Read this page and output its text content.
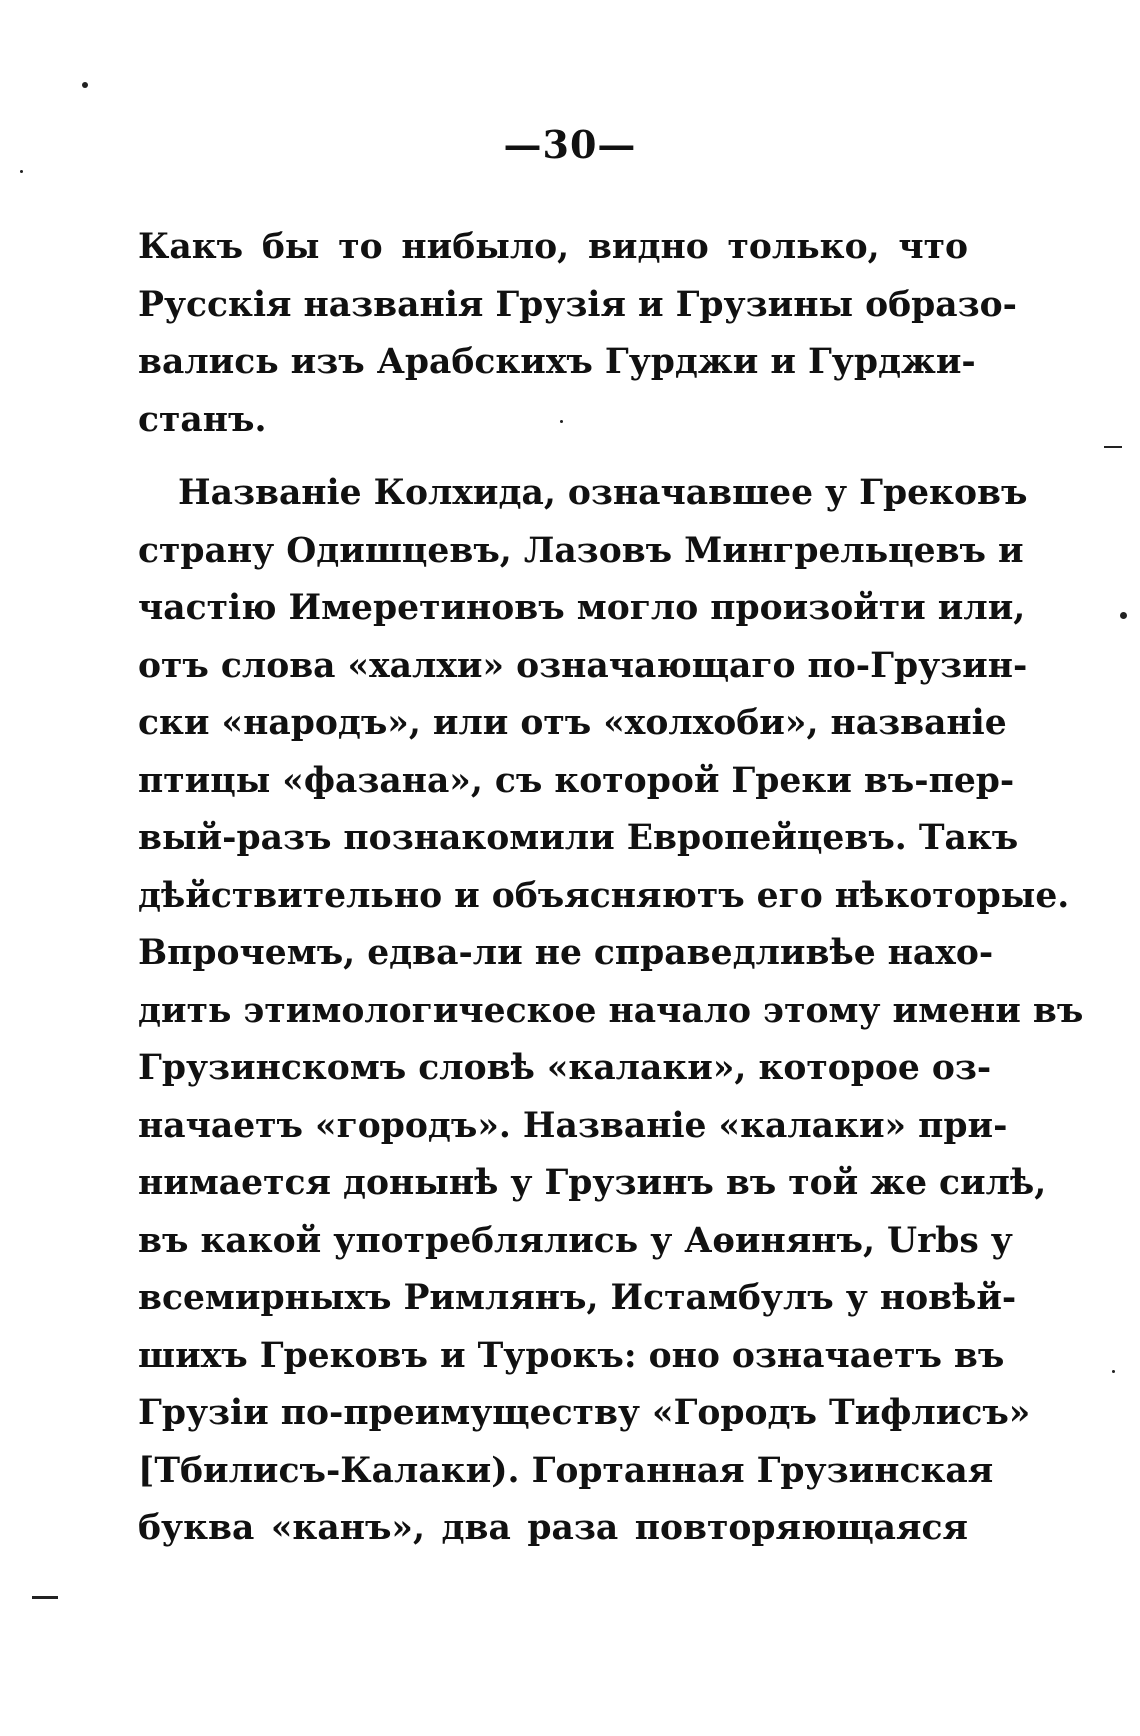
—30—
Какъ бы то нибыло, видно только, что
Русскія названія Грузія и Грузины образо-
вались изъ Арабскихъ Гурджи и Гурджи-
станъ.
Названіе Колхида, означавшее у Грековъ
страну Одишцевъ, Лазовъ Мингрельцевъ и
частію Имеретиновъ могло произойти или,
отъ слова «халхи» означающаго по-Грузин-
ски «народъ», или отъ «холхоби», названіе
птицы «фазана», съ которой Греки въ-пер-
вый-разъ познакомили Европейцевъ. Такъ
дѣйствительно и объясняютъ его нѣкоторые.
Впрочемъ, едва-ли не справедливѣе нахо-
дить этимологическое начало этому имени въ
Грузинскомъ словѣ «калаки», которое оз-
начаетъ «городъ». Названіе «калаки» при-
нимается донынѣ у Грузинъ въ той же силѣ,
въ какой употреблялись у Аѳинянъ, Urbs у
всемирныхъ Римлянъ, Истамбулъ у новѣй-
шихъ Грековъ и Турокъ: оно означаетъ въ
Грузіи по-преимуществу «Городъ Тифлисъ»
[Тбилисъ-Калаки). Гортанная Грузинская
буква «канъ», два раза повторяющаяся
